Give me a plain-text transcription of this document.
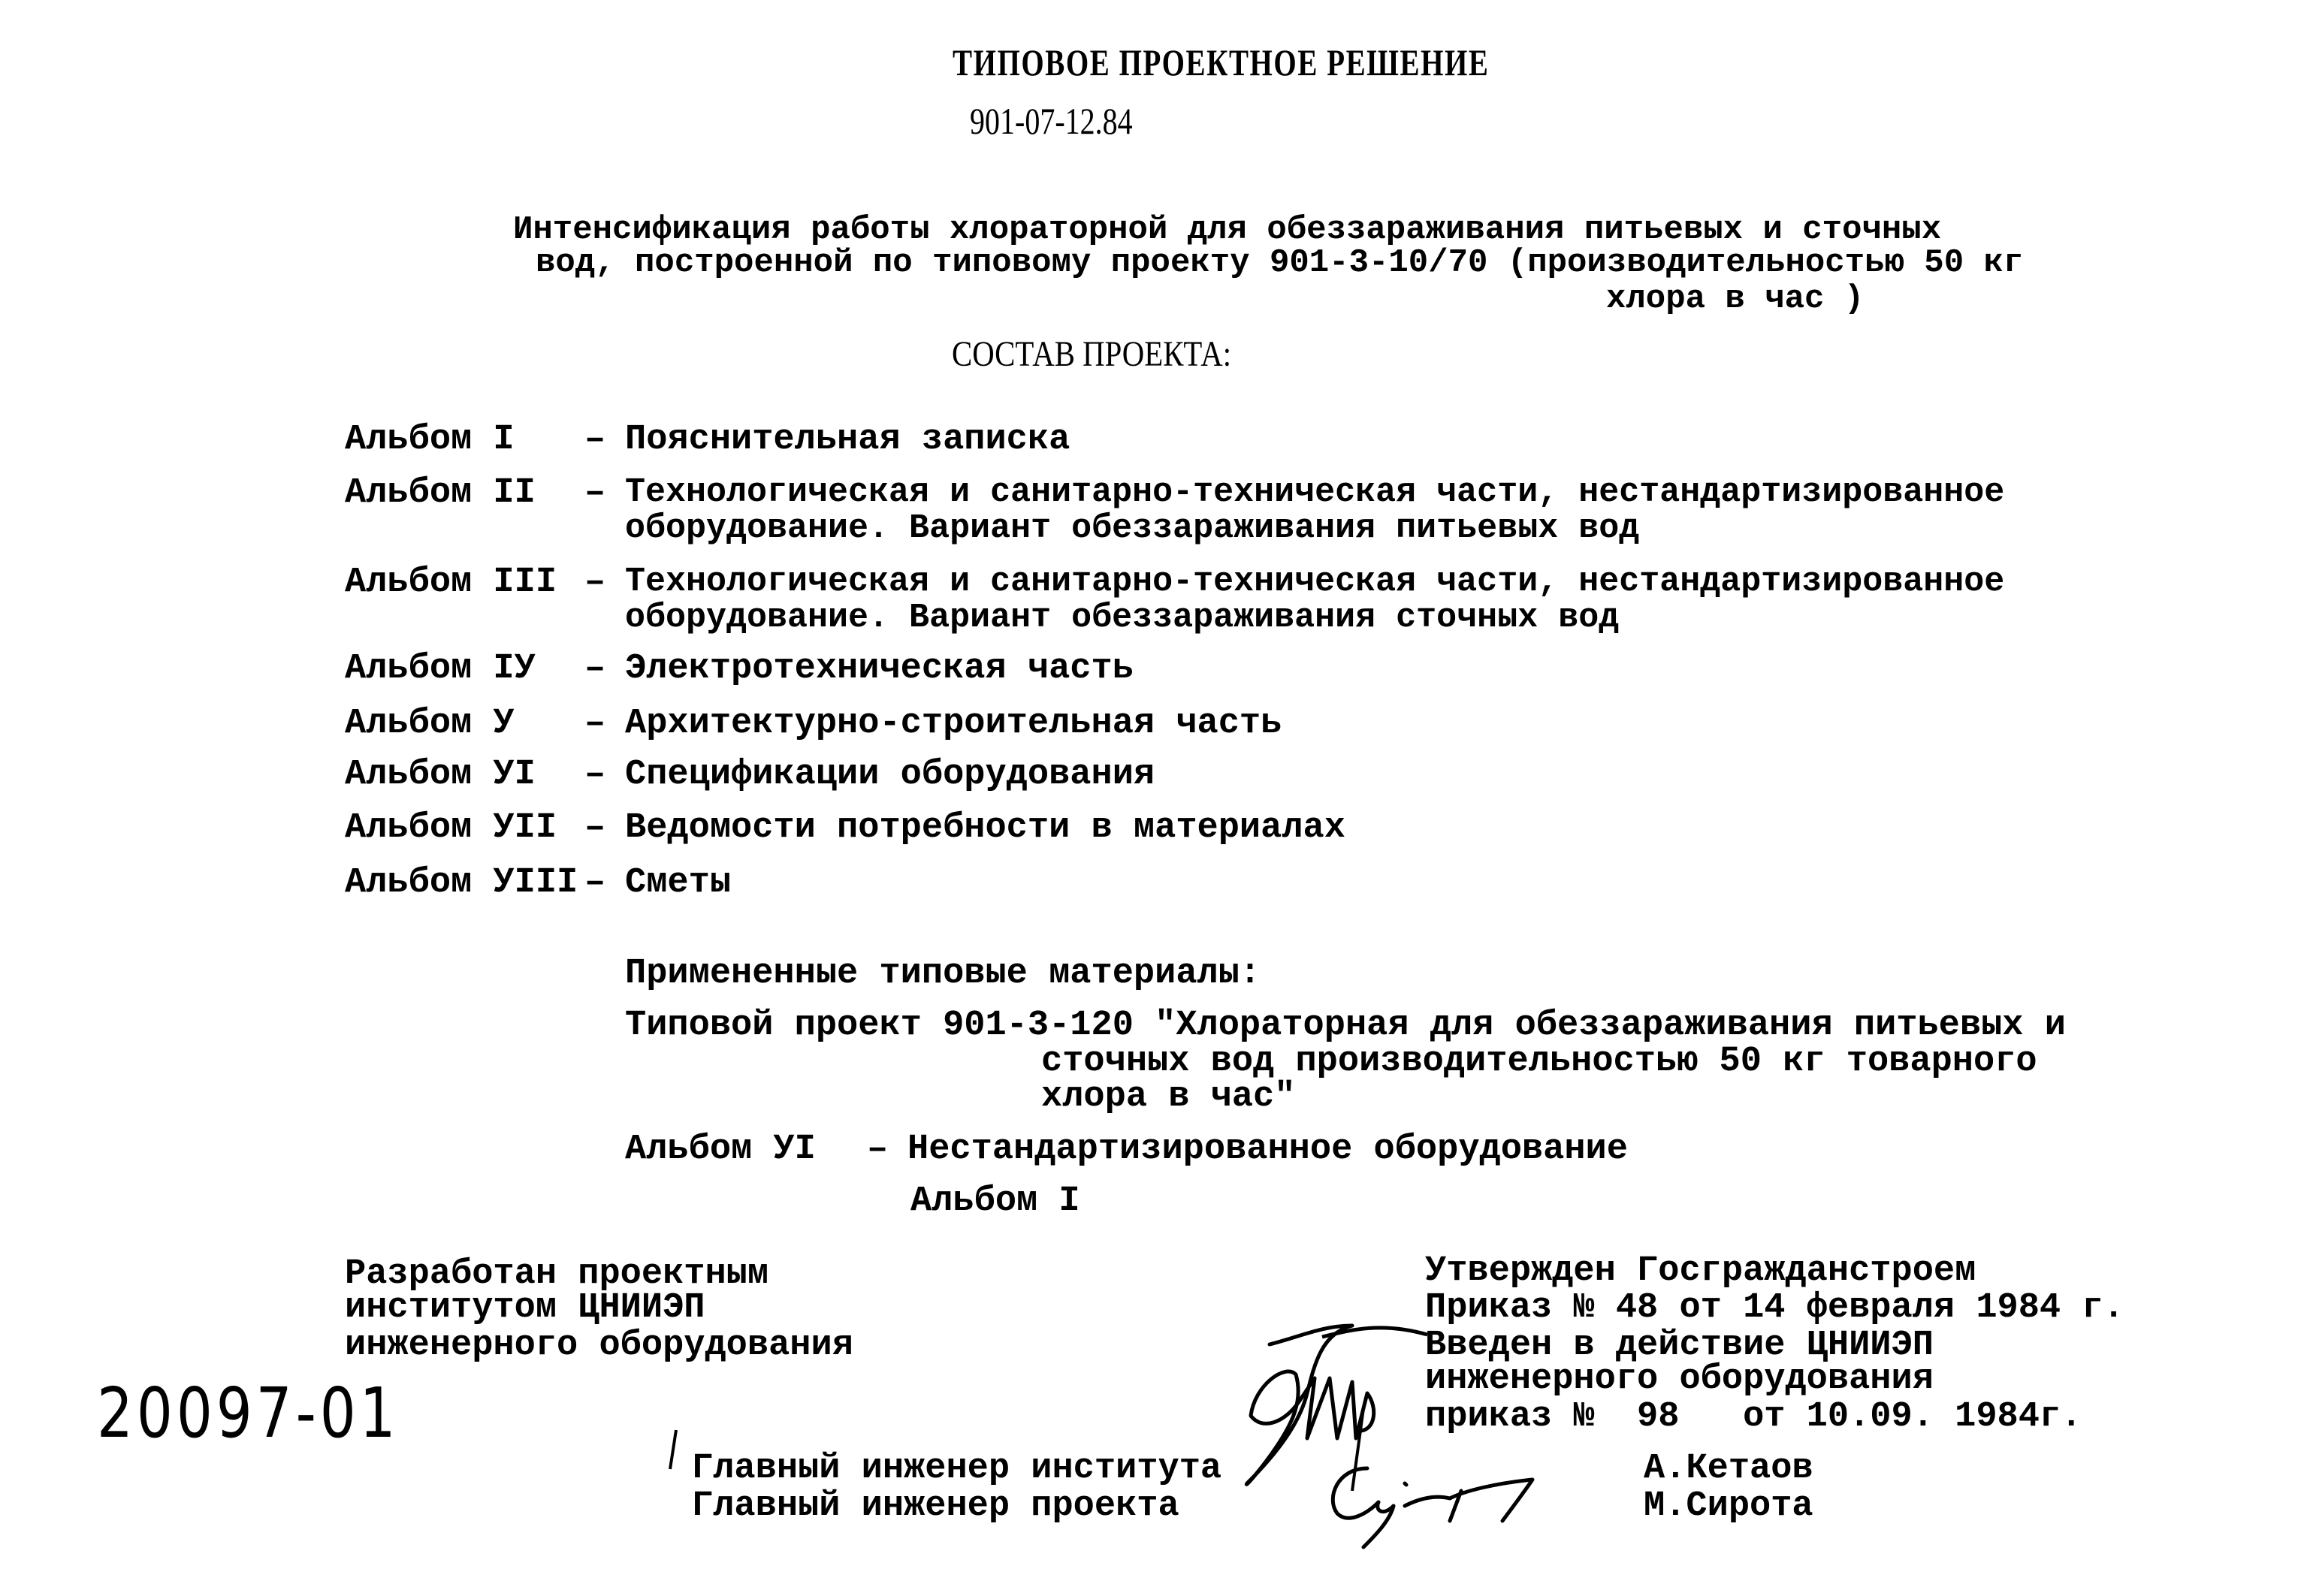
ТИПОВОЕ ПРОЕКТНОЕ РЕШЕНИЕ
901-07-12.84
Интенсификация работы хлораторной для обеззараживания питьевых и сточных
вод, построенной по типовому проекту 901-3-10/70 (производительностью 50 кг
хлора в час )
СОСТАВ ПРОЕКТА:
Альбом I – Пояснительная записка
Альбом II – Технологическая и санитарно-техническая части, нестандартизированное
оборудование. Вариант обеззараживания питьевых вод
Альбом III – Технологическая и санитарно-техническая части, нестандартизированное
оборудование. Вариант обеззараживания сточных вод
Альбом IУ – Электротехническая часть
Альбом У – Архитектурно-строительная часть
Альбом УI – Спецификации оборудования
Альбом УII – Ведомости потребности в материалах
Альбом УIII – Сметы
Примененные типовые материалы:
Типовой проект 901-3-120 "Хлораторная для обеззараживания питьевых и
сточных вод производительностью 50 кг товарного
хлора в час"
Альбом УI – Нестандартизированное оборудование
Альбом I
Разработан проектным
институтом ЦНИИЭП
инженерного оборудования
Утвержден Госгражданстроем
Приказ № 48 от 14 февраля 1984 г.
Введен в действие ЦНИИЭП
инженерного оборудования
приказ №  98   от 10.09. 1984г.
20097-01
Главный инженер института
Главный инженер проекта
А.Кетаов
М.Сирота
